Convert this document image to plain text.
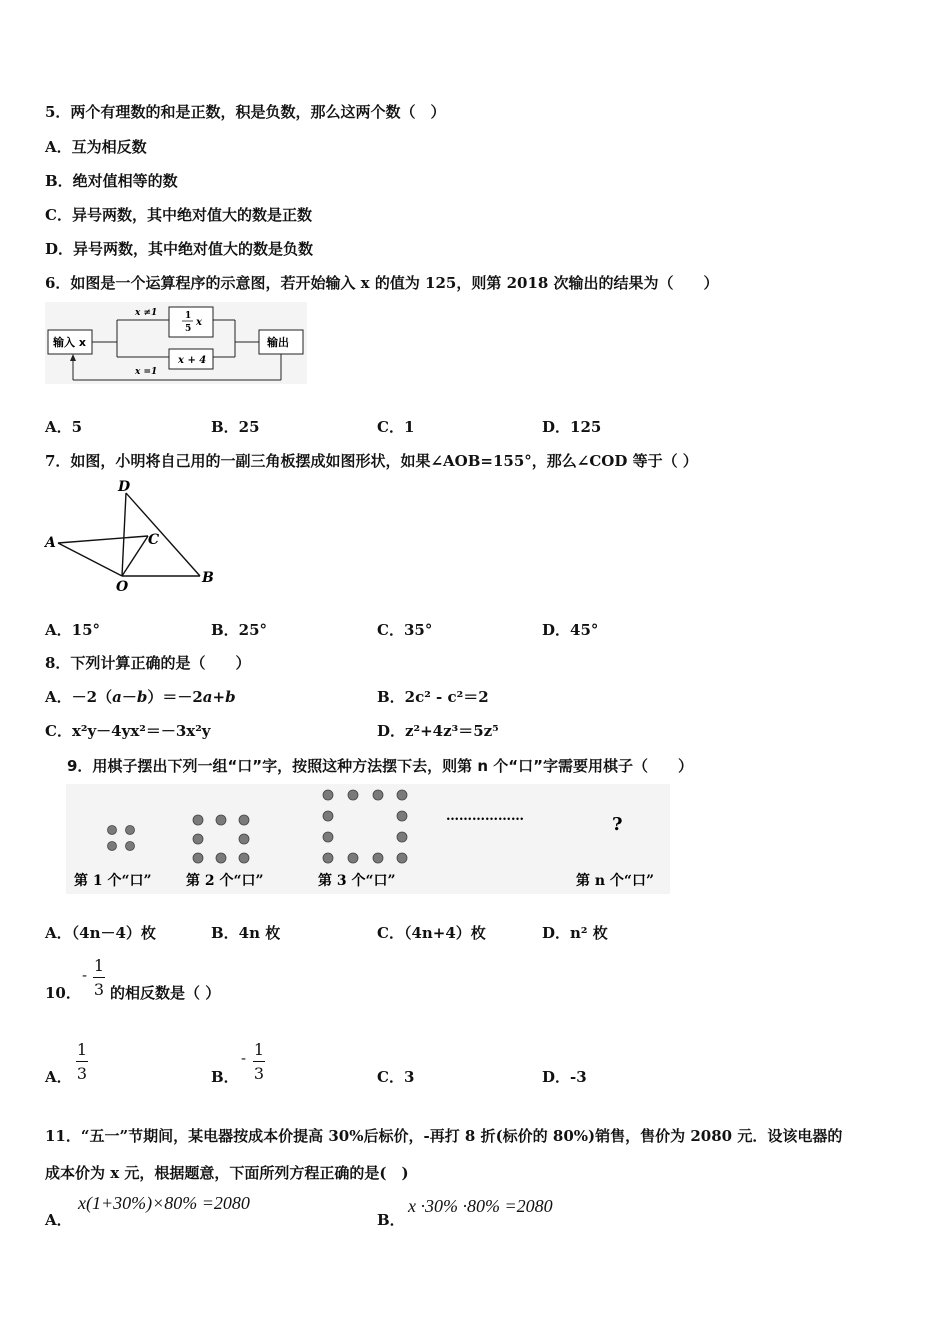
5．两个有理数的和是正数，积是负数，那么这两个数（　）
A．互为相反数
B．绝对值相等的数
C．异号两数，其中绝对值大的数是正数
D．异号两数，其中绝对值大的数是负数
6．如图是一个运算程序的示意图，若开始输入 x 的值为 125，则第 2018 次输出的结果为（　　）
输入 x	输出
x ≠1
x =1
1
5
x
x + 4
A．5	B．25	C．1	D．125
7．如图，小明将自己用的一副三角板摆成如图形状，如果∠AOB=155°，那么∠COD 等于（ ）
D
A	C
O
B
A．15°	B．25°	C．35°	D．45°
8．下列计算正确的是（　　）
A．－2（a－b）＝－2a+b	B．2c² - c²＝2
C．x²y－4yx²＝－3x²y	D．z²+4z³＝5z⁵
9．用棋子摆出下列一组“口”字，按照这种方法摆下去，则第 n 个“口”字需要用棋子（　　）
………………	?
第 1 个“口” 第 2 个“口”	第 3 个“口”	第 n 个“口”
A．（4n－4）枚	B．4n 枚	C．（4n+4）枚	D．n² 枚
10．
- 1
3 的相反数是（ ）
A．
1
3	B．
- 1
3	C．3	D．-3
11．“五一”节期间，某电器按成本价提高 30%后标价，-再打 8 折(标价的 80%)销售，售价为 2080 元．设该电器的
成本价为 x 元，根据题意，下面所列方程正确的是(　)
A．
x(1+30%)×80% =2080
B．
x ·30% ·80% =2080
